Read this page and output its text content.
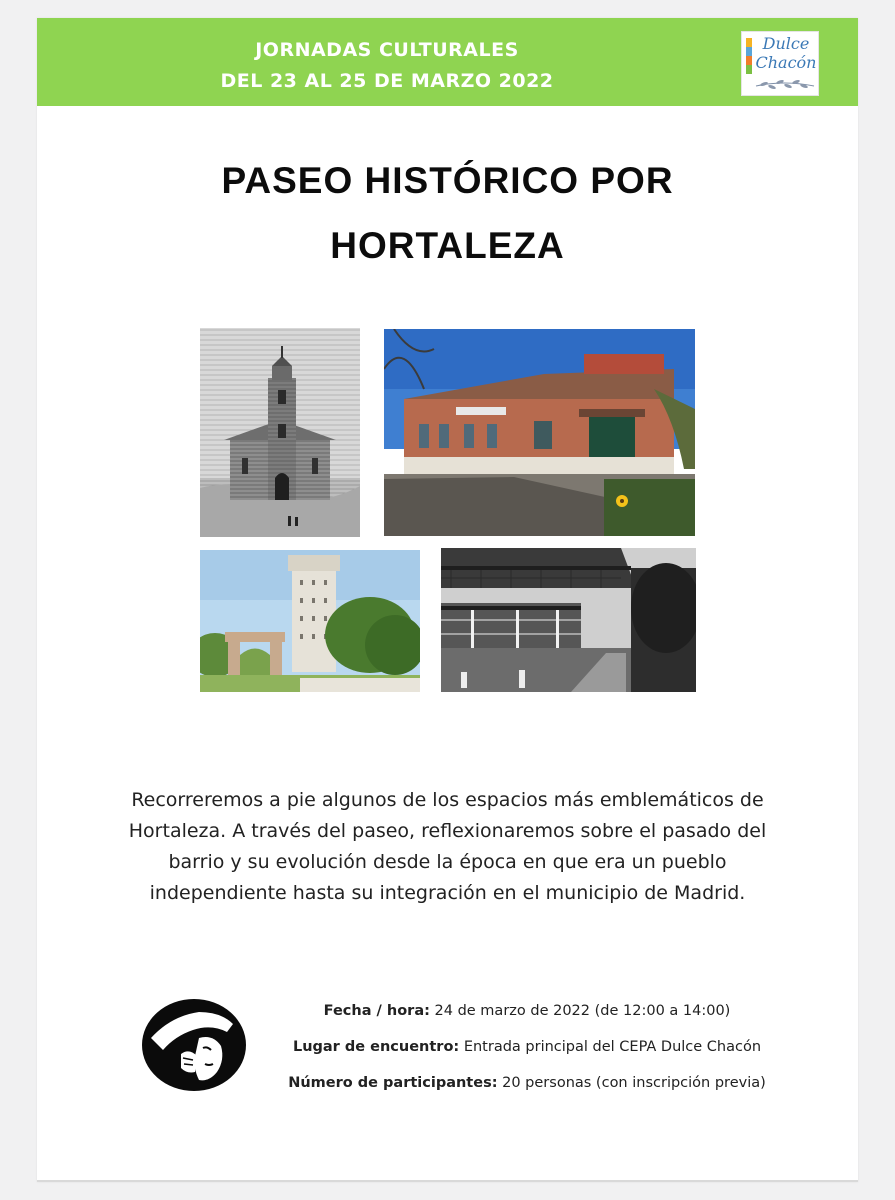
JORNADAS CULTURALES
DEL 23 AL 25 DE MARZO 2022
Dulce
Chacón
PASEO HISTÓRICO POR
HORTALEZA
Recorreremos a pie algunos de los espacios más emblemáticos de
Hortaleza. A través del paseo, reflexionaremos sobre el pasado del
barrio y su evolución desde la época en que era un pueblo
independiente hasta su integración en el municipio de Madrid.
Fecha / hora: 24 de marzo de 2022 (de 12:00 a 14:00)
Lugar de encuentro: Entrada principal del CEPA Dulce Chacón
Número de participantes: 20 personas (con inscripción previa)
